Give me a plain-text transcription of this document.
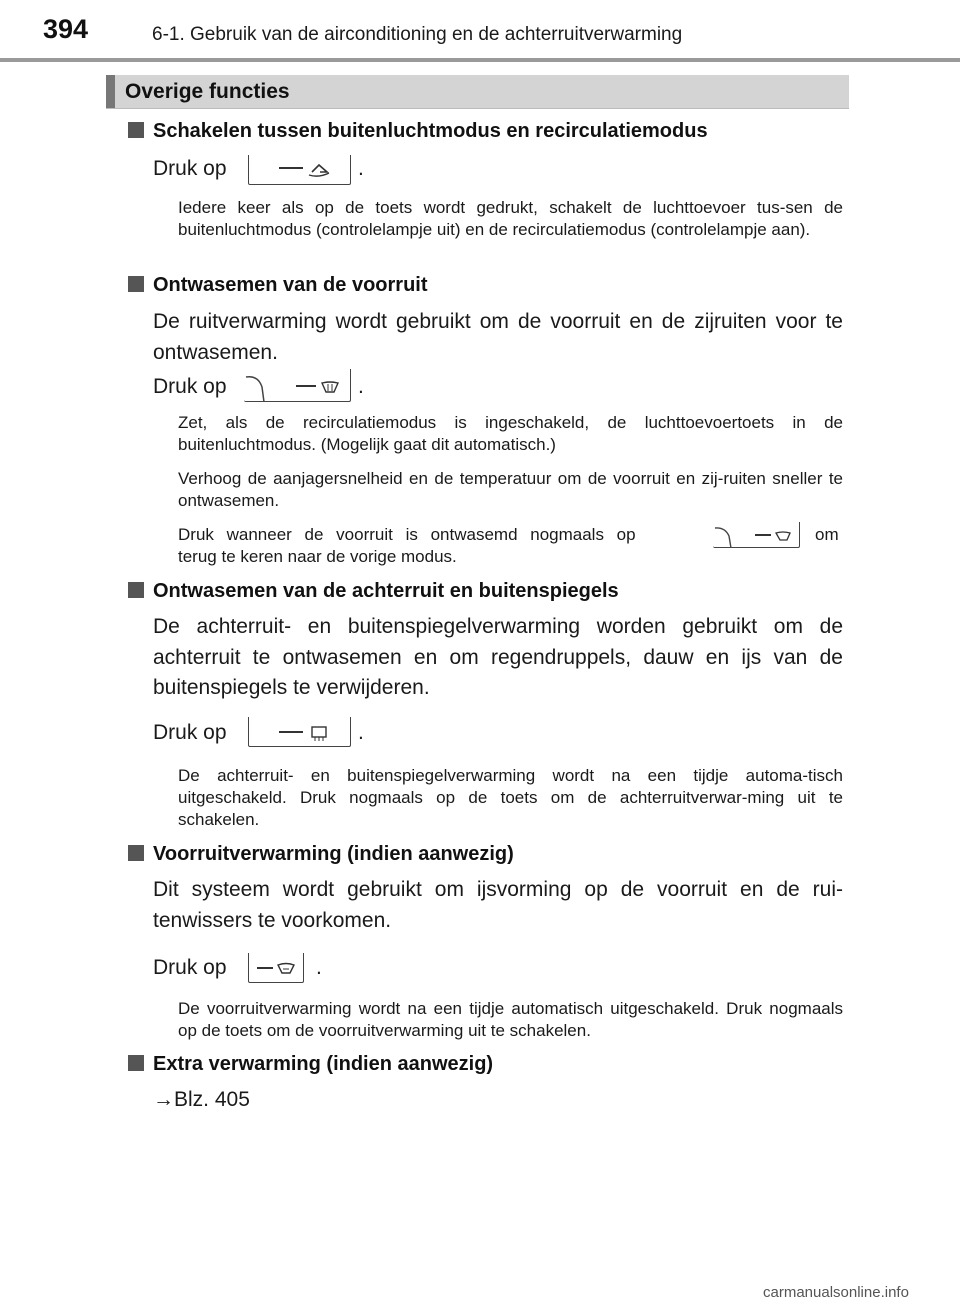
394	6-1. Gebruik van de airconditioning en de achterruitverwarming
Overige functies
Schakelen tussen buitenluchtmodus en recirculatiemodus
Druk op	.
Iedere keer als op de toets wordt gedrukt, schakelt de luchttoevoer tus-sen de buitenluchtmodus (controlelampje uit) en de recirculatiemodus (controlelampje aan).
Ontwasemen van de voorruit
De ruitverwarming wordt gebruikt om de voorruit en de zijruiten voor te ontwasemen.
Druk op	.
Zet, als de recirculatiemodus is ingeschakeld, de luchttoevoertoets in de buitenluchtmodus. (Mogelijk gaat dit automatisch.)
Verhoog de aanjagersnelheid en de temperatuur om de voorruit en zij-ruiten sneller te ontwasemen.
Druk wanneer de voorruit is ontwasemd nogmaals op	om
terug te keren naar de vorige modus.
Ontwasemen van de achterruit en buitenspiegels
De achterruit- en buitenspiegelverwarming worden gebruikt om de achterruit te ontwasemen en om regendruppels, dauw en ijs van de buitenspiegels te verwijderen.
Druk op	.
De achterruit- en buitenspiegelverwarming wordt na een tijdje automa-tisch uitgeschakeld. Druk nogmaals op de toets om de achterruitverwar-ming uit te schakelen.
Voorruitverwarming (indien aanwezig)
Dit systeem wordt gebruikt om ijsvorming op de voorruit en de rui-tenwissers te voorkomen.
Druk op	.
De voorruitverwarming wordt na een tijdje automatisch uitgeschakeld. Druk nogmaals op de toets om de voorruitverwarming uit te schakelen.
Extra verwarming (indien aanwezig)
→Blz. 405
carmanualsonline.info
